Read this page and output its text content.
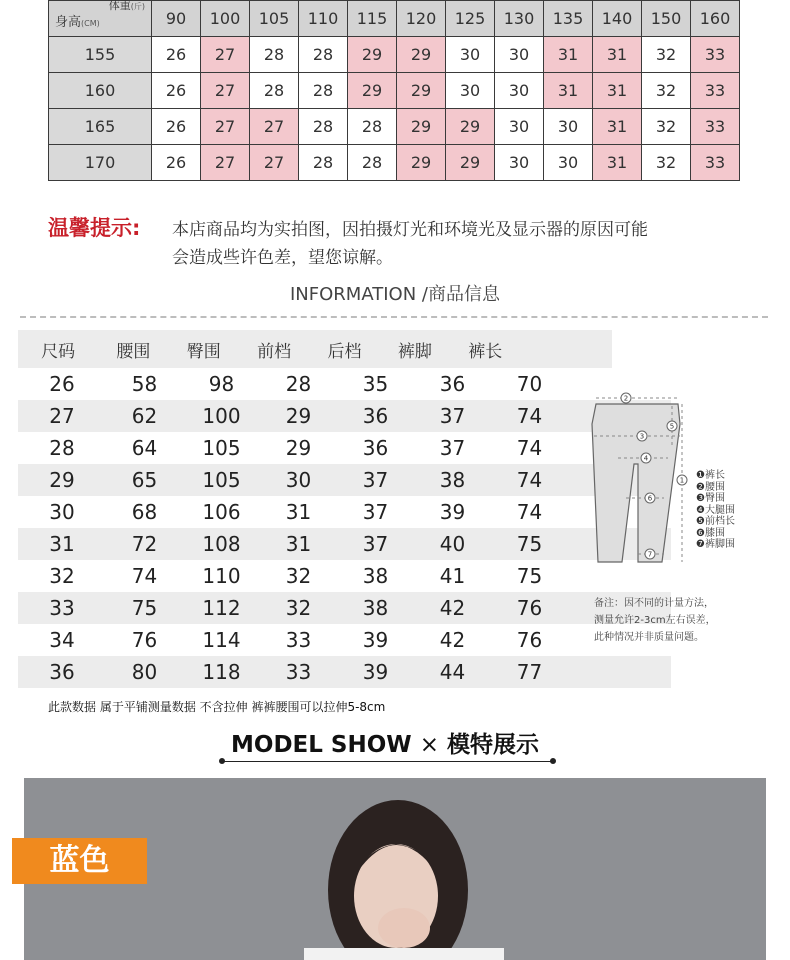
体重(斤)
身高(CM)	90	100	105	110	115	120	125	130	135	140	150	160
155	26	27	28	28	29	29	30	30	31	31	32	33
160	26	27	28	28	29	29	30	30	31	31	32	33
165	26	27	27	28	28	29	29	30	30	31	32	33
170	26	27	27	28	28	29	29	30	30	31	32	33
温馨提示: 本店商品均为实拍图，因拍摄灯光和环境光及显示器的原因可能
会造成些许色差，望您谅解。
INFORMATION /商品信息
尺码	腰围	臀围	前档	后档	裤脚	裤长		
26	58	98	28	35	36	70	
27	62	100	29	36	37	74	
28	64	105	29	36	37	74	
29	65	105	30	37	38	74	
30	68	106	31	37	39	74	
31	72	108	31	37	40	75	
32	74	110	32	38	41	75	
33	75	112	32	38	42	76	
34	76	114	33	39	42	76	
36	80	118	33	39	44	77	
1
2
3
4
5
6
7
❶裤长
❷腰围
❸臀围
❹大腿围
❺前档长
❻膝围
❼裤脚围
备注：因不同的计量方法，
测量允许2-3cm左右误差，
此种情况并非质量问题。
此款数据 属于平铺测量数据 不含拉伸 裤裤腰围可以拉伸5-8cm
MODEL SHOW × 模特展示
蓝色
